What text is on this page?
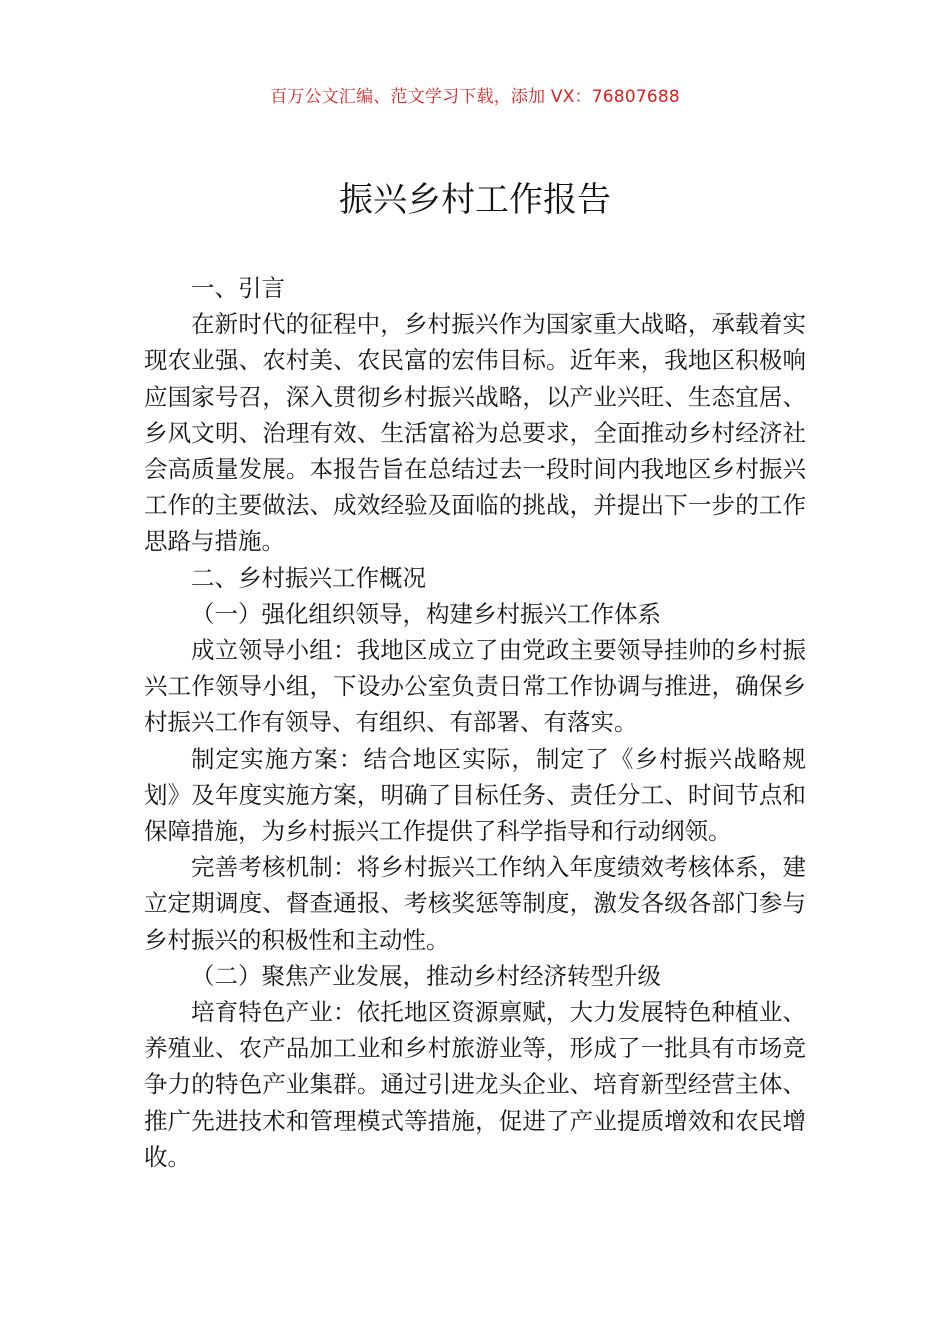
百万公文汇编、范文学习下载，添加 VX：76807688
振兴乡村工作报告

一、引言

在新时代的征程中，乡村振兴作为国家重大战略，承载着实现农业强、农村美、农民富的宏伟目标。近年来，我地区积极响应国家号召，深入贯彻乡村振兴战略，以产业兴旺、生态宜居、乡风文明、治理有效、生活富裕为总要求，全面推动乡村经济社会高质量发展。本报告旨在总结过去一段时间内我地区乡村振兴工作的主要做法、成效经验及面临的挑战，并提出下一步的工作思路与措施。

二、乡村振兴工作概况

（一）强化组织领导，构建乡村振兴工作体系

成立领导小组：我地区成立了由党政主要领导挂帅的乡村振兴工作领导小组，下设办公室负责日常工作协调与推进，确保乡村振兴工作有领导、有组织、有部署、有落实。

制定实施方案：结合地区实际，制定了《乡村振兴战略规划》及年度实施方案，明确了目标任务、责任分工、时间节点和保障措施，为乡村振兴工作提供了科学指导和行动纲领。

完善考核机制：将乡村振兴工作纳入年度绩效考核体系，建立定期调度、督查通报、考核奖惩等制度，激发各级各部门参与乡村振兴的积极性和主动性。

（二）聚焦产业发展，推动乡村经济转型升级

培育特色产业：依托地区资源禀赋，大力发展特色种植业、养殖业、农产品加工业和乡村旅游业等，形成了一批具有市场竞争力的特色产业集群。通过引进龙头企业、培育新型经营主体、推广先进技术和管理模式等措施，促进了产业提质增效和农民增收。
